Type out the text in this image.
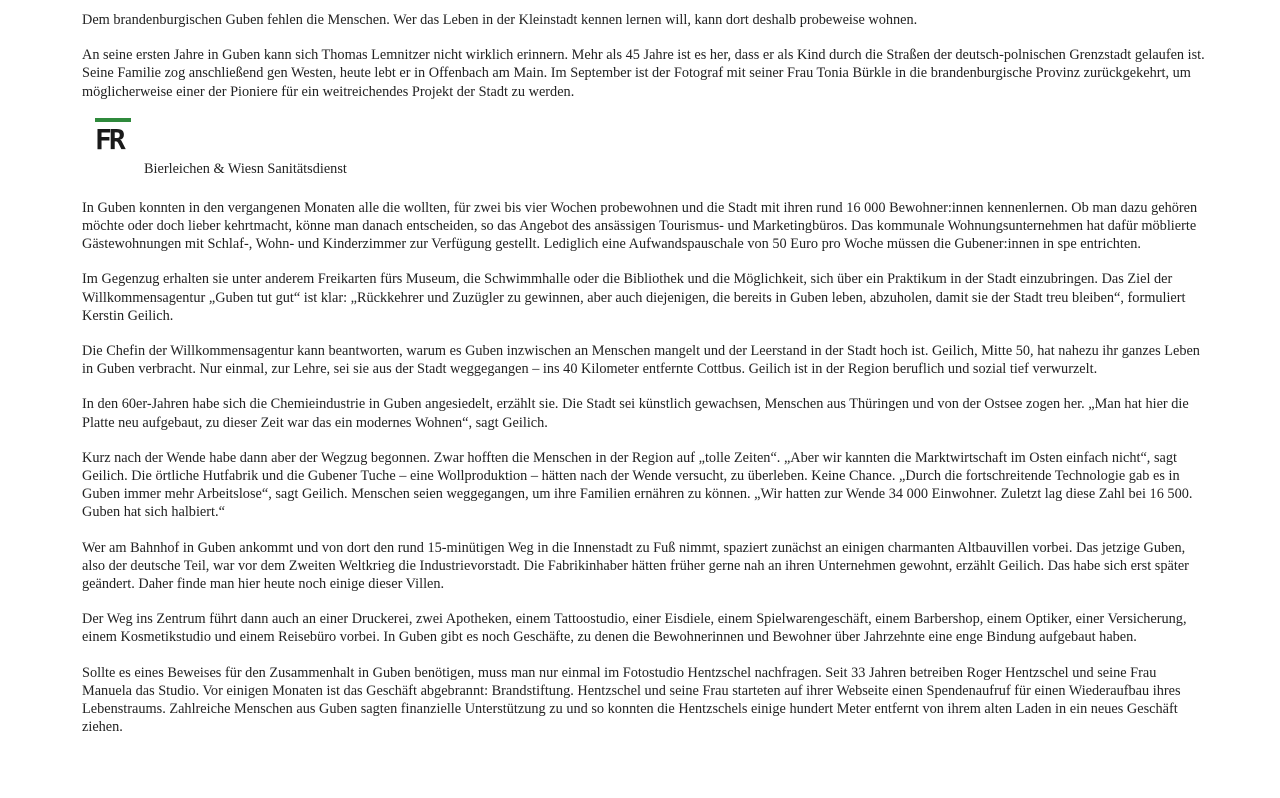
Dem brandenburgischen Guben fehlen die Menschen. Wer das Leben in der Kleinstadt kennen lernen will, kann dort deshalb probeweise wohnen.

An seine ersten Jahre in Guben kann sich Thomas Lemnitzer nicht wirklich erinnern. Mehr als 45 Jahre ist es her, dass er als Kind durch die Straßen der deutsch-polnischen Grenzstadt gelaufen ist. Seine Familie zog anschließend gen Westen, heute lebt er in Offenbach am Main. Im September ist der Fotograf mit seiner Frau Tonia Bürkle in die brandenburgische Provinz zurückgekehrt, um möglicherweise einer der Pioniere für ein weitreichendes Projekt der Stadt zu werden.

FR
Bierleichen & Wiesn Sanitätsdienst

In Guben konnten in den vergangenen Monaten alle die wollten, für zwei bis vier Wochen probewohnen und die Stadt mit ihren rund 16 000 Bewohner:innen kennenlernen. Ob man dazu gehören möchte oder doch lieber kehrtmacht, könne man danach entscheiden, so das Angebot des ansässigen Tourismus- und Marketingbüros. Das kommunale Wohnungsunternehmen hat dafür möblierte Gästewohnungen mit Schlaf-, Wohn- und Kinderzimmer zur Verfügung gestellt. Lediglich eine Aufwandspauschale von 50 Euro pro Woche müssen die Gubener:innen in spe entrichten.

Im Gegenzug erhalten sie unter anderem Freikarten fürs Museum, die Schwimmhalle oder die Bibliothek und die Möglichkeit, sich über ein Praktikum in der Stadt einzubringen. Das Ziel der Willkommensagentur „Guben tut gut“ ist klar: „Rückkehrer und Zuzügler zu gewinnen, aber auch diejenigen, die bereits in Guben leben, abzuholen, damit sie der Stadt treu bleiben“, formuliert Kerstin Geilich.

Die Chefin der Willkommensagentur kann beantworten, warum es Guben inzwischen an Menschen mangelt und der Leerstand in der Stadt hoch ist. Geilich, Mitte 50, hat nahezu ihr ganzes Leben in Guben verbracht. Nur einmal, zur Lehre, sei sie aus der Stadt weggegangen – ins 40 Kilometer entfernte Cottbus. Geilich ist in der Region beruflich und sozial tief verwurzelt.

In den 60er-Jahren habe sich die Chemieindustrie in Guben angesiedelt, erzählt sie. Die Stadt sei künstlich gewachsen, Menschen aus Thüringen und von der Ostsee zogen her. „Man hat hier die Platte neu aufgebaut, zu dieser Zeit war das ein modernes Wohnen“, sagt Geilich.

Kurz nach der Wende habe dann aber der Wegzug begonnen. Zwar hofften die Menschen in der Region auf „tolle Zeiten“. „Aber wir kannten die Marktwirtschaft im Osten einfach nicht“, sagt Geilich. Die örtliche Hutfabrik und die Gubener Tuche – eine Wollproduktion – hätten nach der Wende versucht, zu überleben. Keine Chance. „Durch die fortschreitende Technologie gab es in Guben immer mehr Arbeitslose“, sagt Geilich. Menschen seien weggegangen, um ihre Familien ernähren zu können. „Wir hatten zur Wende 34 000 Einwohner. Zuletzt lag diese Zahl bei 16 500. Guben hat sich halbiert.“

Wer am Bahnhof in Guben ankommt und von dort den rund 15-minütigen Weg in die Innenstadt zu Fuß nimmt, spaziert zunächst an einigen charmanten Altbauvillen vorbei. Das jetzige Guben, also der deutsche Teil, war vor dem Zweiten Weltkrieg die Industrievorstadt. Die Fabrikinhaber hätten früher gerne nah an ihren Unternehmen gewohnt, erzählt Geilich. Das habe sich erst später geändert. Daher finde man hier heute noch einige dieser Villen.

Der Weg ins Zentrum führt dann auch an einer Druckerei, zwei Apotheken, einem Tattoostudio, einer Eisdiele, einem Spielwarengeschäft, einem Barbershop, einem Optiker, einer Versicherung, einem Kosmetikstudio und einem Reisebüro vorbei. In Guben gibt es noch Geschäfte, zu denen die Bewohnerinnen und Bewohner über Jahrzehnte eine enge Bindung aufgebaut haben.

Sollte es eines Beweises für den Zusammenhalt in Guben benötigen, muss man nur einmal im Fotostudio Hentzschel nachfragen. Seit 33 Jahren betreiben Roger Hentzschel und seine Frau Manuela das Studio. Vor einigen Monaten ist das Geschäft abgebrannt: Brandstiftung. Hentzschel und seine Frau starteten auf ihrer Webseite einen Spendenaufruf für einen Wiederaufbau ihres Lebenstraums. Zahlreiche Menschen aus Guben sagten finanzielle Unterstützung zu und so konnten die Hentzschels einige hundert Meter entfernt von ihrem alten Laden in ein neues Geschäft ziehen.
